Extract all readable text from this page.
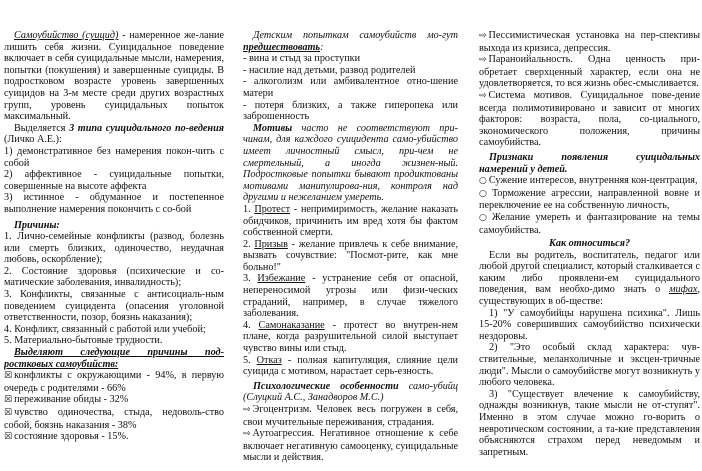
Самоубийство (суицид) - намеренное же-лание лишить себя жизни. Суицидальное поведение включает в себя суицидальные мысли, намерения, попытки (покушения) и завершенные суициды. В подростковом возрасте уровень завершенных суицидов на 3-м месте среди других возрастных групп, уровень суицидальных попыток максимальный.

Выделяется 3 типа суицидального по-ведения (Личко А.Е.):

1) демонстративное без намерения покон-чить с собой

2) аффективное - суицидальные попытки, совершенные на высоте аффекта

3) истинное - обдуманное и постепенное выполнение намерения покончить с со-бой

Причины:

1. Лично-семейные конфликты (развод, болезнь или смерть близких, одиночество, неудачная любовь, оскорбление);

2. Состояние здоровья (психические и со-матические заболевания, инвалидность);

3. Конфликты, связанные с антисоциаль-ным поведением суицидента (опасения уголовной ответственности, позор, боязнь наказания);

4. Конфликт, связанный с работой или учебой;

5. Материально-бытовые трудности.

Выделяют следующие причины под-ростковых самоубийств:

☒ конфликты с окружающими - 94%, в первую очередь с родителями - 66%

☒ переживание обиды - 32%

☒ чувство одиночества, стыда, недоволь-ство собой, боязнь наказания - 38%

☒ состояние здоровья - 15%.

Детским попыткам самоубийств мо-гут предшествовать:

- вина и стыд за проступки

- насилие над детьми, развод родителей

- алкоголизм или амбивалентное отно-шение матери

- потеря близких, а также гиперопека или заброшенность

Мотивы часто не соответствуют при-чинам, для каждого суицидента само-убийство имеет личностный смысл, при-чем не смертельный, а иногда жизнен-ный. Подростковые попытки бывают продиктованы мотивами манипулирова-ния, контроля над другими и нежеланием умереть.

1. Протест - непримиримость, желание наказать обидчиков, причинить им вред хотя бы фактом собственной смерти.

2. Призыв - желание привлечь к себе внимание, вызвать сочувствие: "Посмот-рите, как мне больно!"

3. Избежание - устранение себя от опасной, непереносимой угрозы или физи-ческих страданий, например, в случае тяжелого заболевания.

4. Самонаказание - протест во внутрен-нем плане, когда разрушительной силой выступает чувство вины или стыд.

5. Отказ - полная капитуляция, слияние цели суицида с мотивом, нарастает серь-езность.

Психологические особенности само-убийц (Слуцкий А.С., Занадворов М.С.)

⇨ Эгоцентризм. Человек весь погружен в себя, свои мучительные переживания, страдания.

⇨ Аутоагрессия. Негативное отношение к себе включает негативную самооценку, суицидальные мысли и действия.

⇨ Пессимистическая установка на пер-спективы выхода из кризиса, депрессия.

⇨ Параноийальность. Одна ценность при-обретает сверхценный характер, если она не удовлетворяется, то вся жизнь обес-смысливается.

⇨ Система мотивов. Суицидальное пове-дение всегда полимотивировано и зависит от многих факторов: возраста, пола, со-циального, экономического положения, причины самоубийства.

Признаки появления суицидальных намерений у детей.

○ Сужение интересов, внутренняя кон-центрация,

○ Торможение агрессии, направленной вовне и переключение ее на собственную личность,

○ Желание умереть и фантазирование на темы самоубийства.

Как относиться?

Если вы родитель, воспитатель, педагог или любой другой специалист, который сталкивается с каким либо проявлени-ем суицидального поведения, вам необхо-димо знать о мифах, существующих в об-ществе:

1) "У самоубийцы нарушена психика". Лишь 15-20% совершивших самоубийство психически нездоровы.

2) "Это особый склад характера: чув-ствительные, меланхоличные и эксцен-тричные люди". Мысли о самоубийстве могут возникнуть у любого человека.

3) "Существует влечение к самоубийству, однажды возникнув, такие мысли не от-ступят". Именно в этом случае можно го-ворить о невротическом состоянии, а та-кие представления объясняются страхом перед неведомым и запретным.
